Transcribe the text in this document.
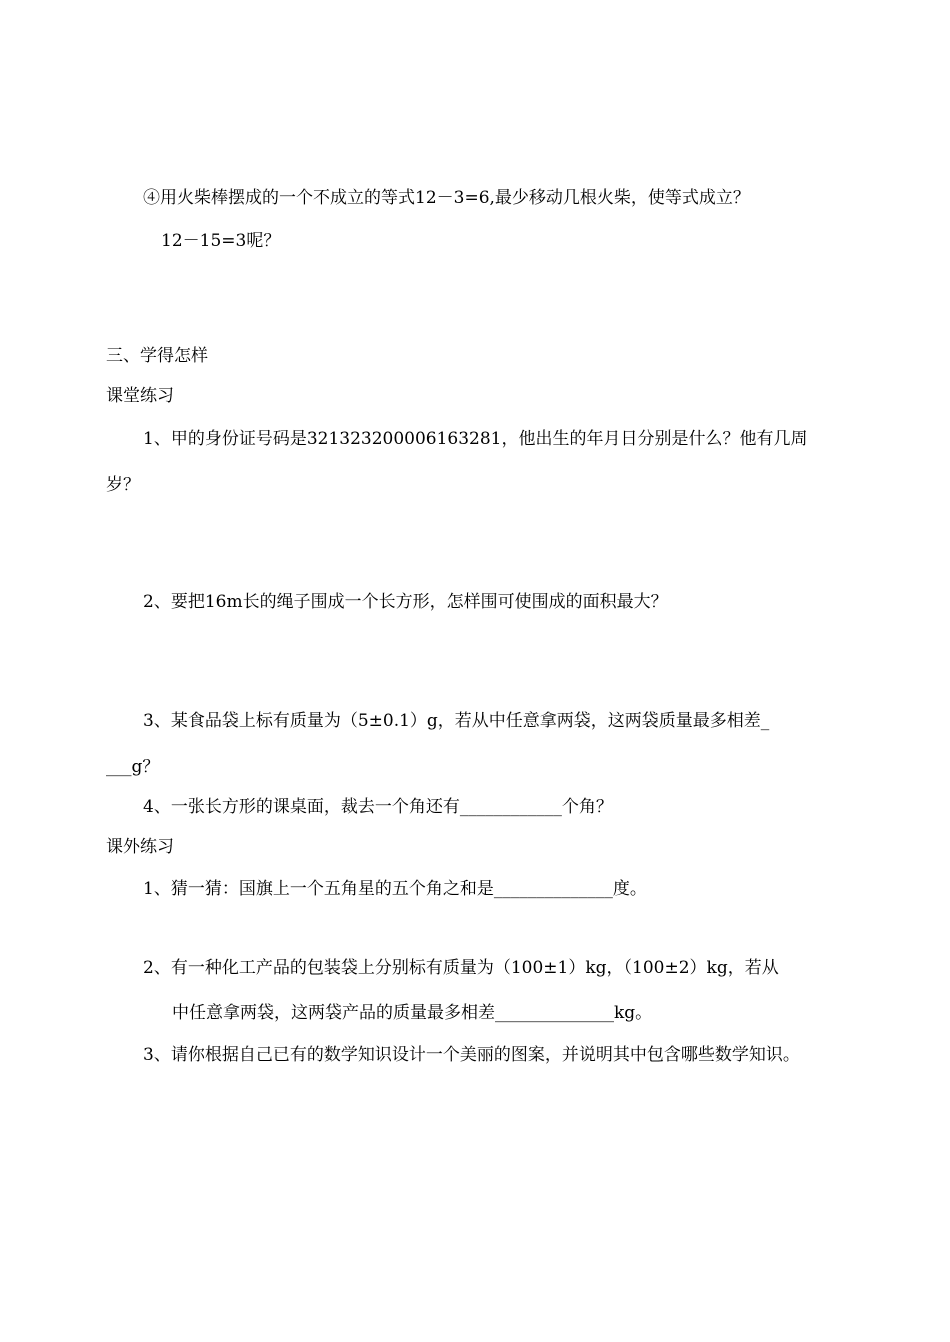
④用火柴棒摆成的一个不成立的等式12－3=6,最少移动几根火柴，使等式成立？
12－15=3呢？
三、学得怎样
课堂练习
1、甲的身份证号码是321323200006163281，他出生的年月日分别是什么？他有几周
岁？
2、要把16m长的绳子围成一个长方形，怎样围可使围成的面积最大？
3、某食品袋上标有质量为（5±0.1）g，若从中任意拿两袋，这两袋质量最多相差_
___g？
4、一张长方形的课桌面，裁去一个角还有____________个角？
课外练习
1、猜一猜：国旗上一个五角星的五个角之和是______________度。
2、有一种化工产品的包装袋上分别标有质量为（100±1）kg，（100±2）kg，若从
中任意拿两袋，这两袋产品的质量最多相差______________kg。
3、请你根据自己已有的数学知识设计一个美丽的图案，并说明其中包含哪些数学知识。
